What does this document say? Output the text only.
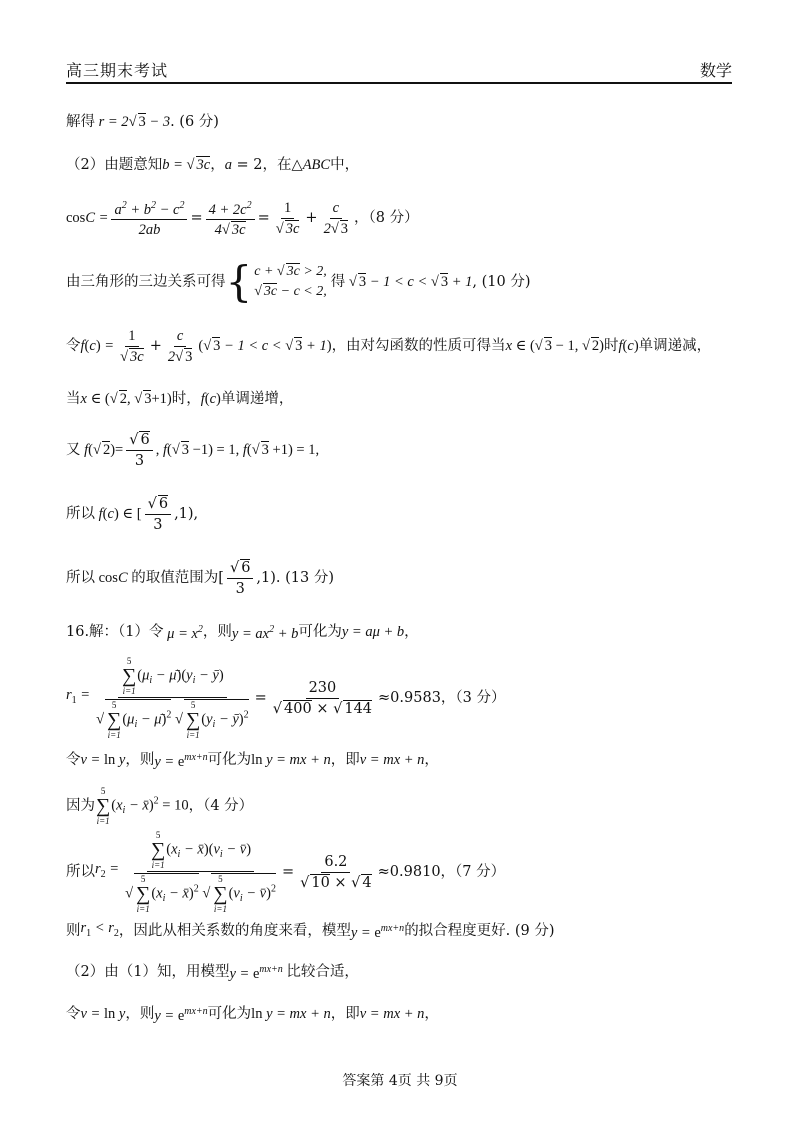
高三期末考试	数学
解得 r = 2√ 3 − 3 . (6 分)
（2）由题意知 b = √ 3c ， a = 2 ，在△ ABC 中，
$\cos C = \frac{a^2 + b^2 - c^2}{2ab} = \frac{4 + 2c^2}{4√ 3c} = \frac{1}{√ 3c} + \frac{c}{2√ 3}$ ，（8 分）
由三角形的三边关系可得 { c + √ 3c > 2,
√ 3c − c < 2,
得 √ 3 − 1 < c < √ 3 + 1 , (10 分)
令 $f(c) = \frac{1}{√ 3c} + \frac{c}{2√ 3}$ (√ 3 − 1 < c < √ 3 + 1) ，由对勾函数的性质可得当 x ∈ (√ 3 − 1, √ 2) 时 f(c) 单调递减，
当 x ∈ (√ 2, √ 3+1) 时， f(c) 单调递增，
又 f(√ $2)= \frac{√ 6}{3}$ , f(√ 3 −1) = 1, f(√ 3 +1) = 1,
所以 f(c) ∈ [ $\frac{√ 6}{3} ,1$),
所以 cosC 的取值范围为 [ $\frac{√ 6}{3} ,1$) . (13 分)
16.解：（1）令 $\mu = x^2$ ，则 $y = ax^2 + b$ 可化为 y = aμ + b，
$r_1 = 5$
∑
i=1
($\mu_i$ − $\mū)(y_i$ − ȳ)
√
5
∑
i=1
($\mu_i$ − μ̄)$^2$ √
5
∑
i=1
($y_i$ − ȳ)$^2$ = $\frac{230}{√ 400 \times √ 144} \approx 0.9583$ ，（3 分）
令 v = ln y ，则 $y = e^{mx+n}$ 可化为 ln y = mx + n ，即 v = mx + n，
因为
5
∑
i=1
($x_i$ − x̄)$^2$ = 10 ，（4 分）
所以 $r_2 = 5$
∑
i=1
($x_i$ − $x̄)(v_i$ − v̄)
√
5
∑
i=1
($x_i$ − x̄)$^2$ √
5
∑
i=1
($v_i$ − v̄)$^2$ = $\frac{6.2}{√ 10 \times √ 4} \approx 0.9810$ ，（7 分）
则 $r_1 < r_2$ ，因此从相关系数的角度来看，模型 $y = e^{mx+n}$ 的拟合程度更好. (9 分)
（2）由（1）知，用模型 $y = e^{mx+n}$ 比较合适，
令 v = ln y ，则 $y = e^{mx+n}$ 可化为 ln y = mx + n ，即 v = mx + n，
答案第 4页 共 9页
